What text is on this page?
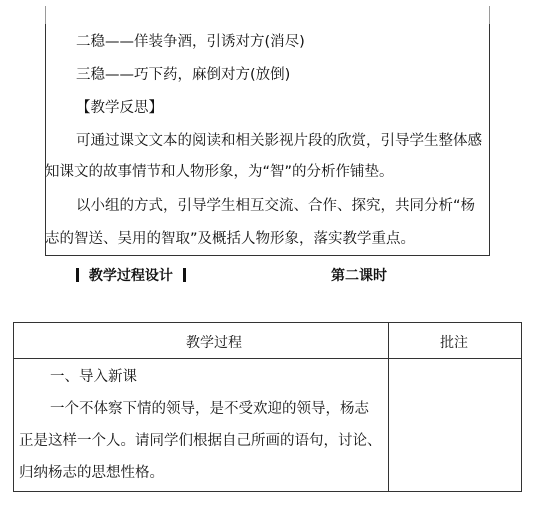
二稳——佯装争酒，引诱对方(消尽)
三稳——巧下药，麻倒对方(放倒)
【教学反思】
可通过课文文本的阅读和相关影视片段的欣赏，引导学生整体感
知课文的故事情节和人物形象，为“智”的分析作铺垫。
以小组的方式，引导学生相互交流、合作、探究，共同分析“杨
志的智送、吴用的智取”及概括人物形象，落实教学重点。
教学过程设计	第二课时
教学过程	批注
一、导入新课
一个不体察下情的领导，是不受欢迎的领导，杨志
正是这样一个人。请同学们根据自己所画的语句，讨论、
归纳杨志的思想性格。
